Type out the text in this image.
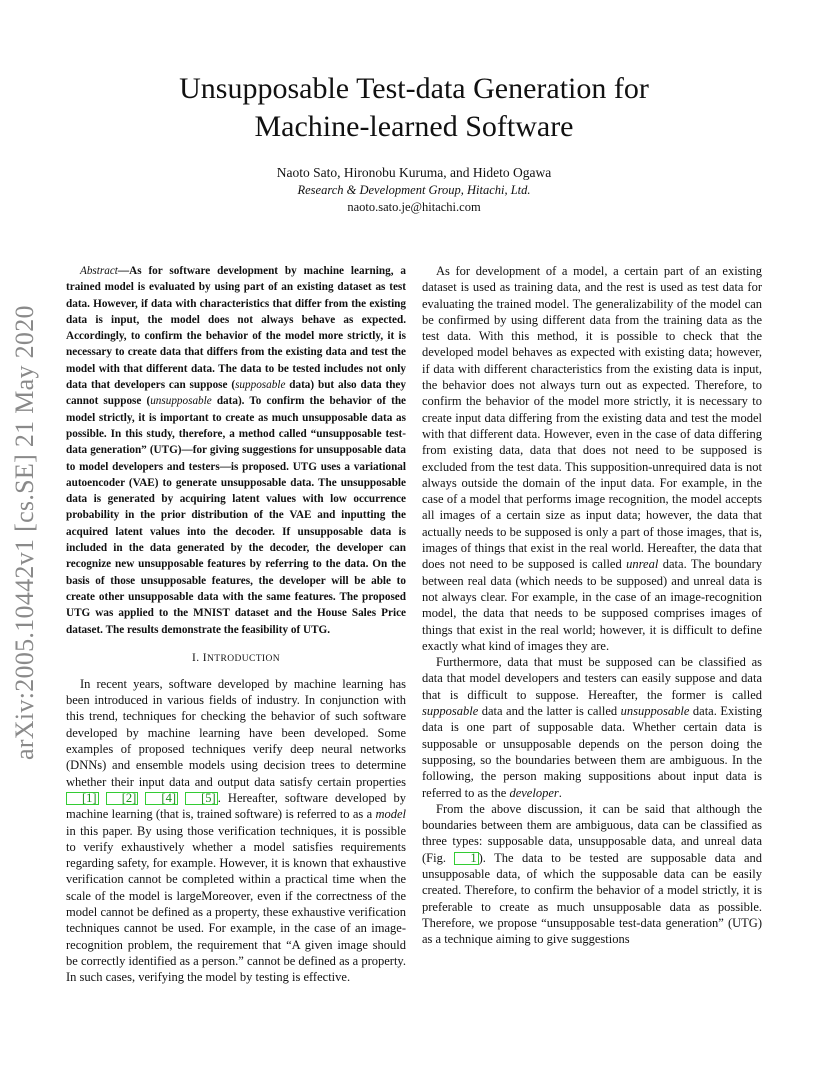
arXiv:2005.10442v1 [cs.SE] 21 May 2020
Unsupposable Test-data Generation for
Machine-learned Software
Naoto Sato, Hironobu Kuruma, and Hideto Ogawa
Research & Development Group, Hitachi, Ltd.
naoto.sato.je@hitachi.com

Abstract—As for software development by machine learning, a trained model is evaluated by using part of an existing dataset as test data. However, if data with characteristics that differ from the existing data is input, the model does not always behave as expected. Accordingly, to confirm the behavior of the model more strictly, it is necessary to create data that differs from the existing data and test the model with that different data. The data to be tested includes not only data that developers can suppose (supposable data) but also data they cannot suppose (unsupposable data). To confirm the behavior of the model strictly, it is important to create as much unsupposable data as possible. In this study, therefore, a method called “unsupposable test-data generation” (UTG)—for giving suggestions for unsupposable data to model developers and testers—is proposed. UTG uses a variational autoencoder (VAE) to generate unsupposable data. The unsupposable data is generated by acquiring latent values with low occurrence probability in the prior distribution of the VAE and inputting the acquired latent values into the decoder. If unsupposable data is included in the data generated by the decoder, the developer can recognize new unsupposable features by referring to the data. On the basis of those unsupposable features, the developer will be able to create other unsupposable data with the same features. The proposed UTG was applied to the MNIST dataset and the House Sales Price dataset. The results demonstrate the feasibility of UTG.

I. INTRODUCTION

In recent years, software developed by machine learning has been introduced in various fields of industry. In conjunction with this trend, techniques for checking the behavior of such software developed by machine learning have been developed. Some examples of proposed techniques verify deep neural networks (DNNs) and ensemble models using decision trees to determine whether their input data and output data satisfy certain properties [1] [2] [4] [5] . Hereafter, software developed by machine learning (that is, trained software) is referred to as a model in this paper. By using those verification techniques, it is possible to verify exhaustively whether a model satisfies requirements regarding safety, for example. However, it is known that exhaustive verification cannot be completed within a practical time when the scale of the model is largeMoreover, even if the correctness of the model cannot be defined as a property, these exhaustive verification techniques cannot be used. For example, in the case of an image-recognition problem, the requirement that “A given image should be correctly identified as a person.” cannot be defined as a property. In such cases, verifying the model by testing is effective.

As for development of a model, a certain part of an existing dataset is used as training data, and the rest is used as test data for evaluating the trained model. The generalizability of the model can be confirmed by using different data from the training data as the test data. With this method, it is possible to check that the developed model behaves as expected with existing data; however, if data with different characteristics from the existing data is input, the behavior does not always turn out as expected. Therefore, to confirm the behavior of the model more strictly, it is necessary to create input data differing from the existing data and test the model with that different data. However, even in the case of data differing from existing data, data that does not need to be supposed is excluded from the test data. This supposition-unrequired data is not always outside the domain of the input data. For example, in the case of a model that performs image recognition, the model accepts all images of a certain size as input data; however, the data that actually needs to be supposed is only a part of those images, that is, images of things that exist in the real world. Hereafter, the data that does not need to be supposed is called unreal data. The boundary between real data (which needs to be supposed) and unreal data is not always clear. For example, in the case of an image-recognition model, the data that needs to be supposed comprises images of things that exist in the real world; however, it is difficult to define exactly what kind of images they are.

Furthermore, data that must be supposed can be classified as data that model developers and testers can easily suppose and data that is difficult to suppose. Hereafter, the former is called supposable data and the latter is called unsupposable data. Existing data is one part of supposable data. Whether certain data is supposable or unsupposable depends on the person doing the supposing, so the boundaries between them are ambiguous. In the following, the person making suppositions about input data is referred to as the developer.

From the above discussion, it can be said that although the boundaries between them are ambiguous, data can be classified as three types: supposable data, unsupposable data, and unreal data (Fig. 1 ). The data to be tested are supposable data and unsupposable data, of which the supposable data can be easily created. Therefore, to confirm the behavior of a model strictly, it is preferable to create as much unsupposable data as possible. Therefore, we propose “unsupposable test-data generation” (UTG) as a technique aiming to give suggestions
